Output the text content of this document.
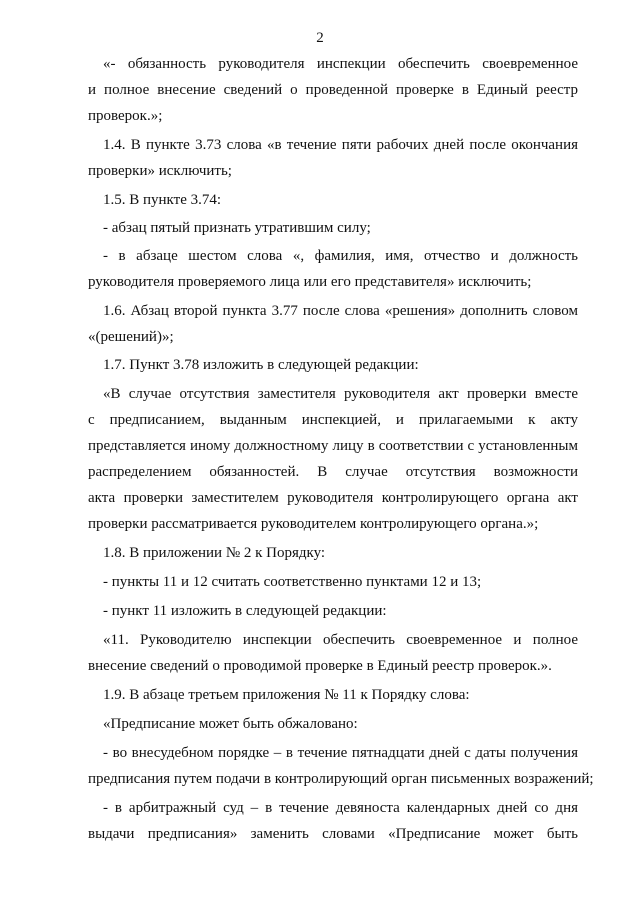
2
«- обязанность руководителя инспекции обеспечить своевременное
и полное внесение сведений о проведенной проверке в Единый реестр
проверок.»;
1.4. В пункте 3.73 слова «в течение пяти рабочих дней после окончания
проверки» исключить;
1.5. В пункте 3.74:
- абзац пятый признать утратившим силу;
- в абзаце шестом слова «, фамилия, имя, отчество и должность
руководителя проверяемого лица или его представителя» исключить;
1.6. Абзац второй пункта 3.77 после слова «решения» дополнить словом
«(решений)»;
1.7. Пункт 3.78 изложить в следующей редакции:
«В случае отсутствия заместителя руководителя акт проверки вместе
с предписанием, выданным инспекцией, и прилагаемыми к акту
представляется иному должностному лицу в соответствии с установленным
распределением обязанностей. В случае отсутствия возможности
акта проверки заместителем руководителя контролирующего органа акт
проверки рассматривается руководителем контролирующего органа.»;
1.8. В приложении № 2 к Порядку:
- пункты 11 и 12 считать соответственно пунктами 12 и 13;
- пункт 11 изложить в следующей редакции:
«11. Руководителю инспекции обеспечить своевременное и полное
внесение сведений о проводимой проверке в Единый реестр проверок.».
1.9. В абзаце третьем приложения № 11 к Порядку слова:
«Предписание может быть обжаловано:
- во внесудебном порядке – в течение пятнадцати дней с даты получения
предписания путем подачи в контролирующий орган письменных возражений;
- в арбитражный суд – в течение девяноста календарных дней со дня
выдачи предписания» заменить словами «Предписание может быть
